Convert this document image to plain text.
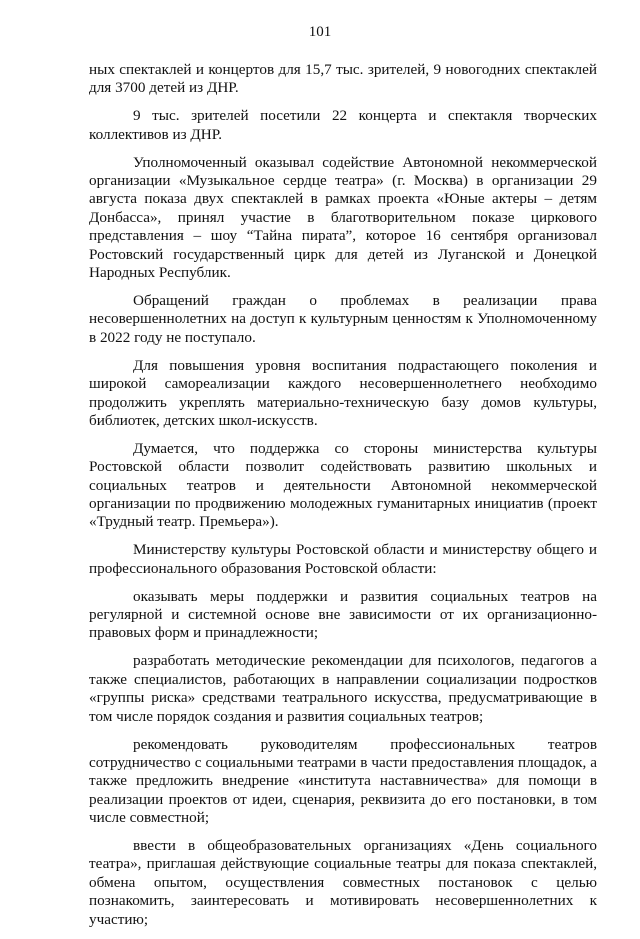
101

ных спектаклей и концертов для 15,7 тыс. зрителей, 9 новогодних спектаклей для 3700 детей из ДНР.

9 тыс. зрителей посетили 22 концерта и спектакля творческих коллективов из ДНР.

Уполномоченный оказывал содействие Автономной некоммерческой организации «Музыкальное сердце театра» (г. Москва) в организации 29 августа показа двух спектаклей в рамках проекта «Юные актеры – детям Донбасса», принял участие в благотворительном показе циркового представления – шоу “Тайна пирата”, которое 16 сентября организовал Ростовский государственный цирк для детей из Луганской и Донецкой Народных Республик.

Обращений граждан о проблемах в реализации права несовершеннолетних на доступ к культурным ценностям к Уполномоченному в 2022 году не поступало.

Для повышения уровня воспитания подрастающего поколения и широкой самореализации каждого несовершеннолетнего необходимо продолжить укреплять материально-техническую базу домов культуры, библиотек, детских школ-искусств.

Думается, что поддержка со стороны министерства культуры Ростовской области позволит содействовать развитию школьных и социальных театров и деятельности Автономной некоммерческой организации по продвижению молодежных гуманитарных инициатив (проект «Трудный театр. Премьера»).

Министерству культуры Ростовской области и министерству общего и профессионального образования Ростовской области:

оказывать меры поддержки и развития социальных театров на регулярной и системной основе вне зависимости от их организационно-правовых форм и принадлежности;

разработать методические рекомендации для психологов, педагогов а также специалистов, работающих в направлении социализации подростков «группы риска» средствами театрального искусства, предусматривающие в том числе порядок создания и развития социальных театров;

рекомендовать руководителям профессиональных театров сотрудничество с социальными театрами в части предоставления площадок, а также предложить внедрение «института наставничества» для помощи в реализации проектов от идеи, сценария, реквизита до его постановки, в том числе совместной;

ввести в общеобразовательных организациях «День социального театра», приглашая действующие социальные театры для показа спектаклей, обмена опытом, осуществления совместных постановок с целью познакомить, заинтересовать и мотивировать несовершеннолетних к участию;
